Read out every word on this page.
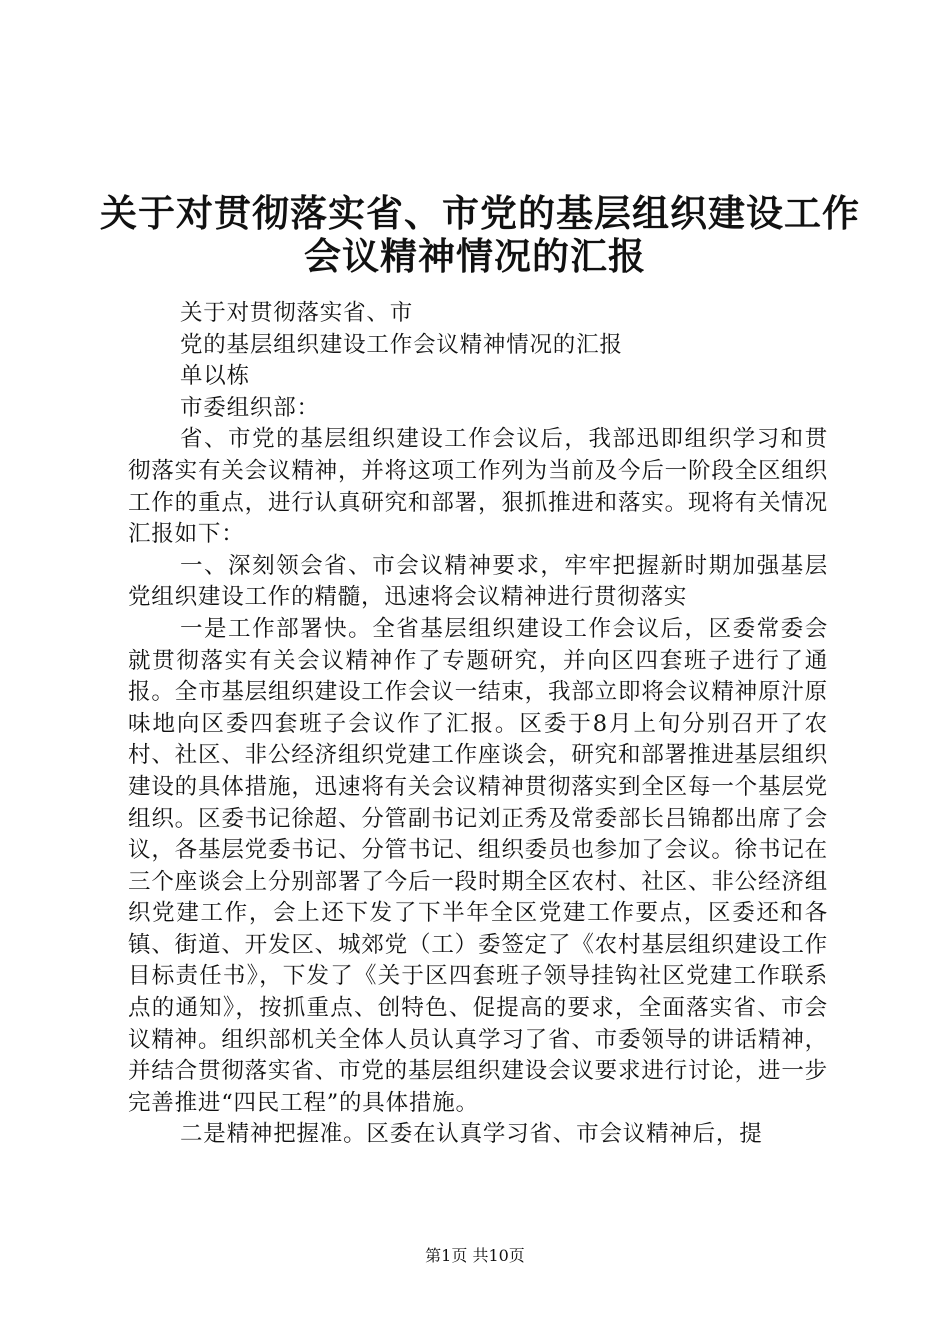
关于对贯彻落实省、市党的基层组织建设工作
会议精神情况的汇报

关于对贯彻落实省、市

党的基层组织建设工作会议精神情况的汇报

单以栋

市委组织部：

省、市党的基层组织建设工作会议后，我部迅即组织学习和贯彻落实有关会议精神，并将这项工作列为当前及今后一阶段全区组织工作的重点，进行认真研究和部署，狠抓推进和落实。现将有关情况汇报如下：

一、深刻领会省、市会议精神要求，牢牢把握新时期加强基层党组织建设工作的精髓，迅速将会议精神进行贯彻落实

一是工作部署快。全省基层组织建设工作会议后，区委常委会就贯彻落实有关会议精神作了专题研究，并向区四套班子进行了通报。全市基层组织建设工作会议一结束，我部立即将会议精神原汁原味地向区委四套班子会议作了汇报。区委于8月上旬分别召开了农村、社区、非公经济组织党建工作座谈会，研究和部署推进基层组织建设的具体措施，迅速将有关会议精神贯彻落实到全区每一个基层党组织。区委书记徐超、分管副书记刘正秀及常委部长吕锦都出席了会议，各基层党委书记、分管书记、组织委员也参加了会议。徐书记在三个座谈会上分别部署了今后一段时期全区农村、社区、非公经济组织党建工作，会上还下发了下半年全区党建工作要点，区委还和各镇、街道、开发区、城郊党（工）委签定了《农村基层组织建设工作目标责任书》，下发了《关于区四套班子领导挂钩社区党建工作联系点的通知》，按抓重点、创特色、促提高的要求，全面落实省、市会议精神。组织部机关全体人员认真学习了省、市委领导的讲话精神，并结合贯彻落实省、市党的基层组织建设会议要求进行讨论，进一步完善推进“四民工程”的具体措施。

二是精神把握准。区委在认真学习省、市会议精神后，提

第1页 共10页
